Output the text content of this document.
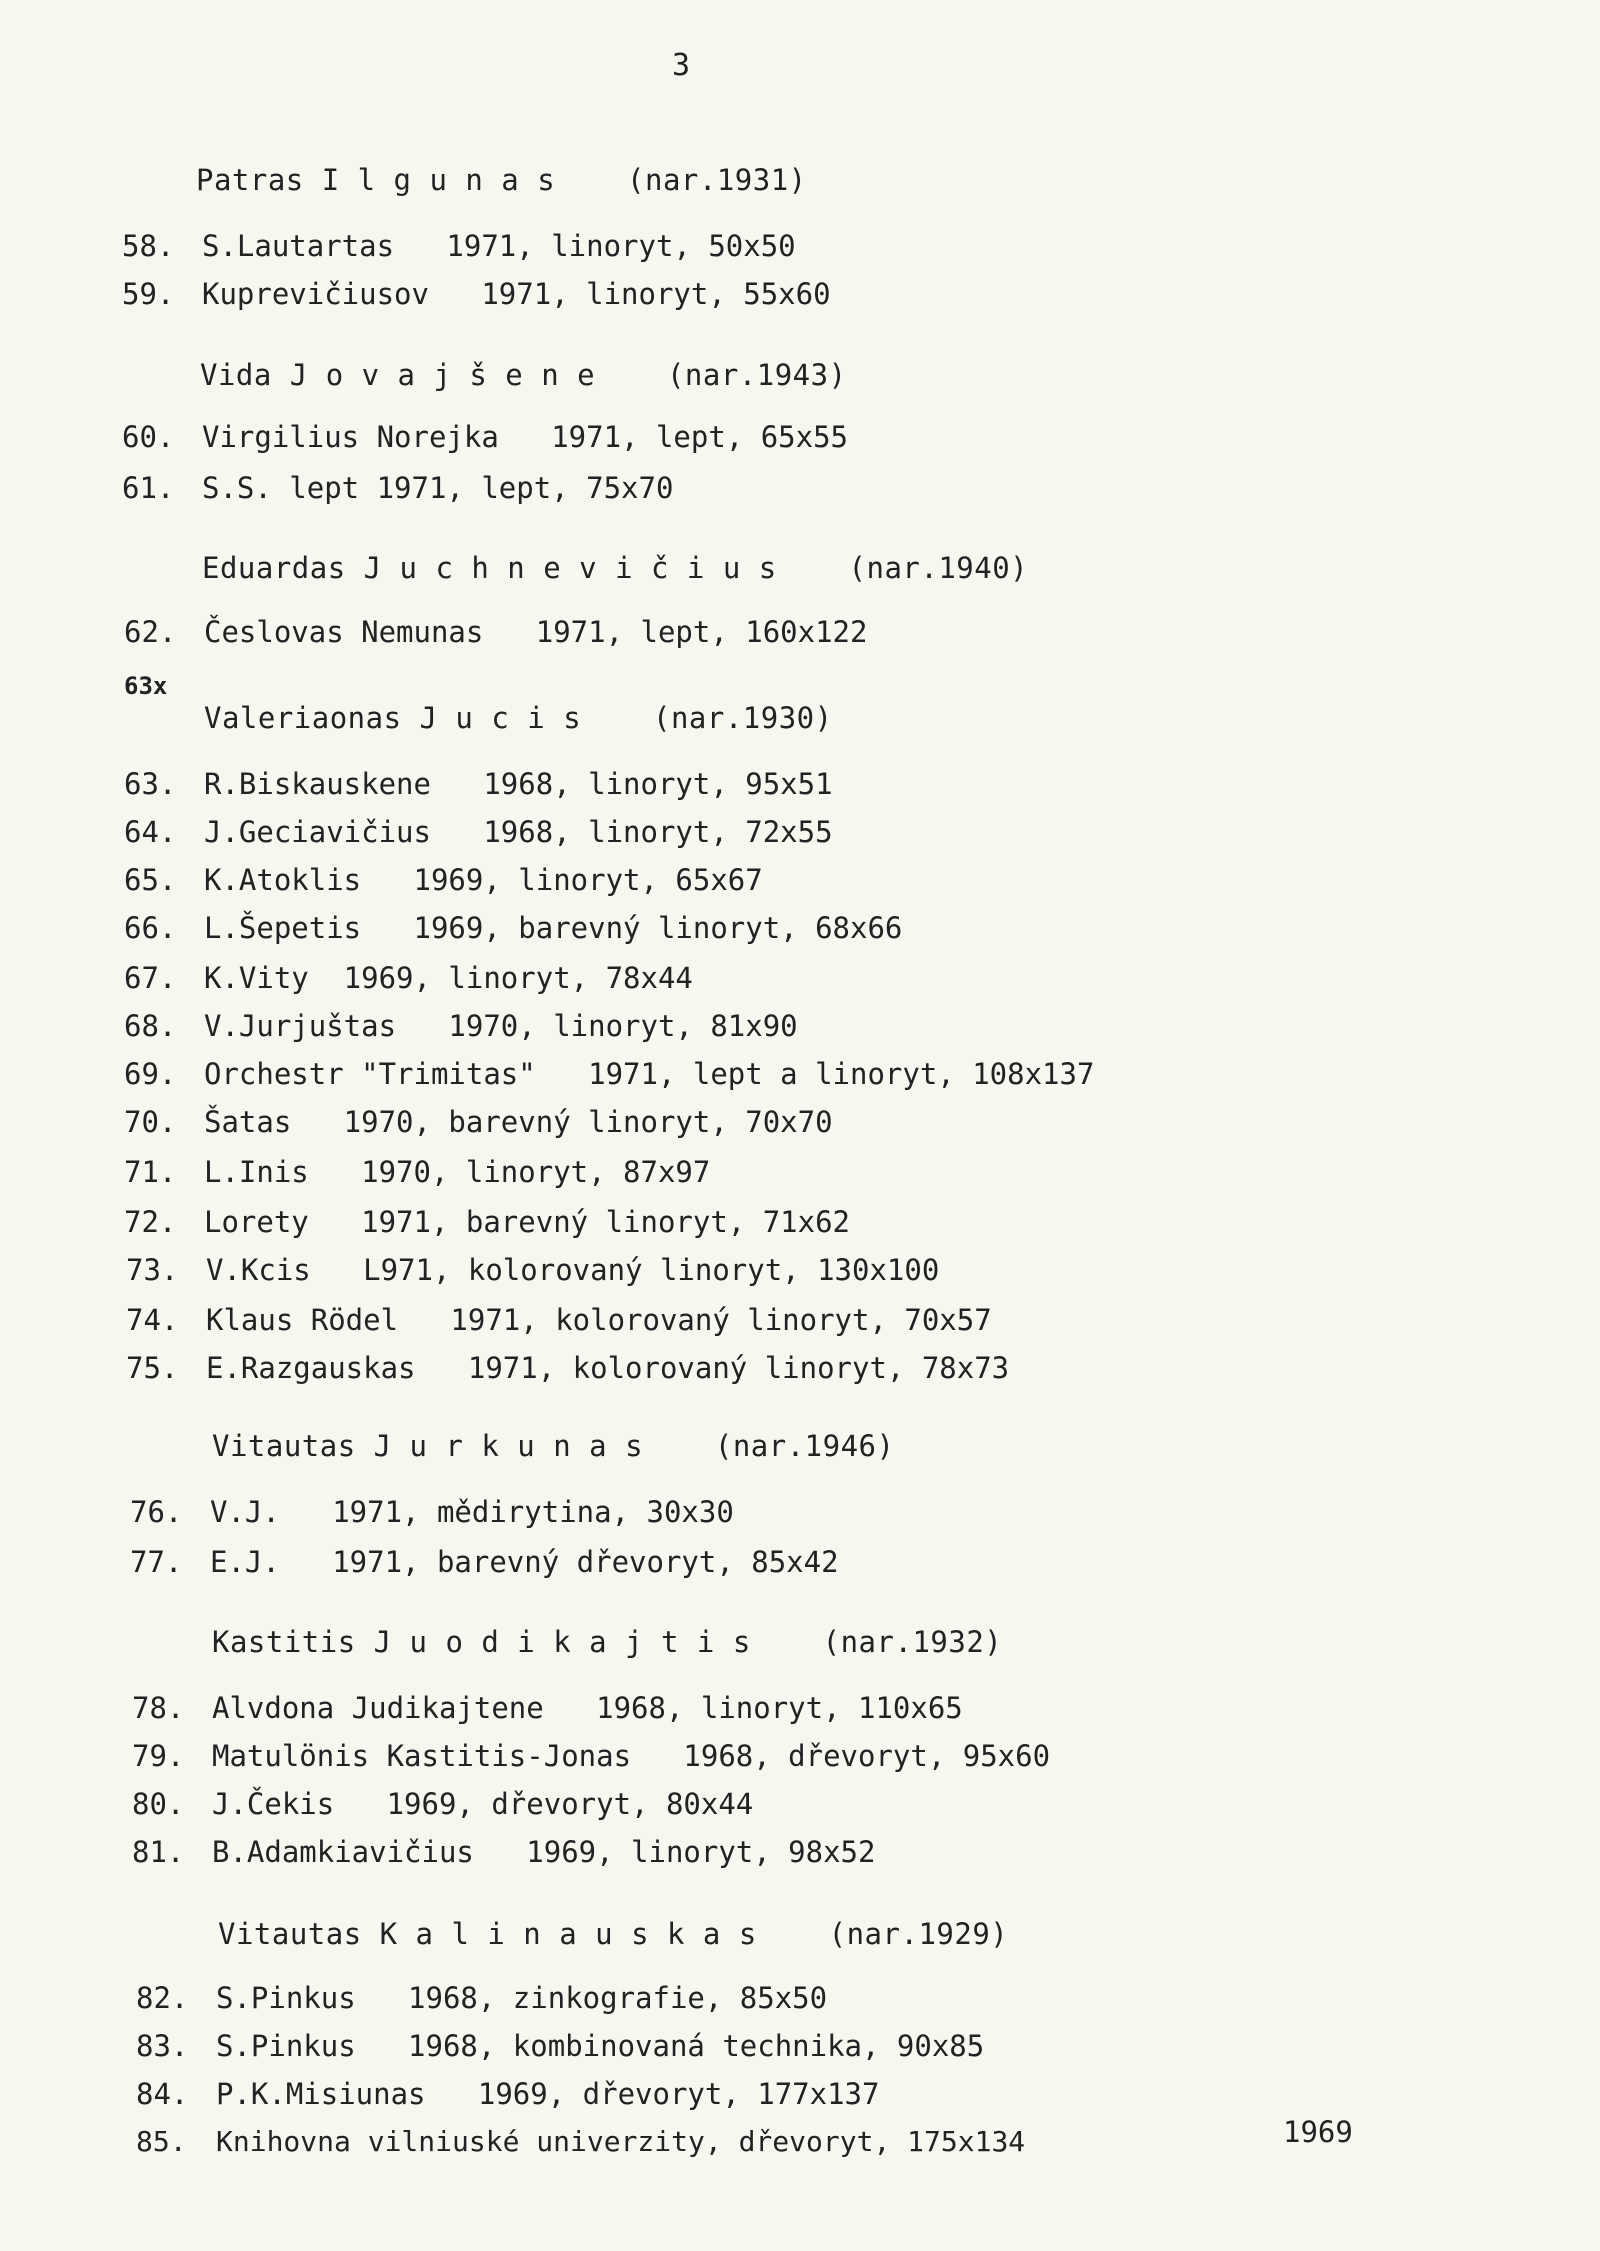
3
Patras I l g u n a s (nar.1931)
58. S.Lautartas   1971, linoryt, 50x50
59. Kuprevičiusov   1971, linoryt, 55x60
Vida J o v a j š e n e (nar.1943)
60. Virgilius Norejka   1971, lept, 65x55
61. S.S. lept 1971, lept, 75x70
Eduardas J u c h n e v i č i u s (nar.1940)
62. Česlovas Nemunas   1971, lept, 160x122
63x
Valeriaonas J u c i s (nar.1930)
63. R.Biskauskene   1968, linoryt, 95x51
64. J.Geciavičius   1968, linoryt, 72x55
65. K.Atoklis   1969, linoryt, 65x67
66. L.Šepetis   1969, barevný linoryt, 68x66
67. K.Vity  1969, linoryt, 78x44
68. V.Jurjuštas   1970, linoryt, 81x90
69. Orchestr "Trimitas"   1971, lept a linoryt, 108x137
70. Šatas   1970, barevný linoryt, 70x70
71. L.Inis   1970, linoryt, 87x97
72. Lorety   1971, barevný linoryt, 71x62
73. V.Kcis   L971, kolorovaný linoryt, 130x100
74. Klaus Rödel   1971, kolorovaný linoryt, 70x57
75. E.Razgauskas   1971, kolorovaný linoryt, 78x73
Vitautas J u r k u n a s (nar.1946)
76. V.J.   1971, mědirytina, 30x30
77. E.J.   1971, barevný dřevoryt, 85x42
Kastitis J u o d i k a j t i s (nar.1932)
78. Alvdona Judikajtene   1968, linoryt, 110x65
79. Matulönis Kastitis-Jonas   1968, dřevoryt, 95x60
80. J.Čekis   1969, dřevoryt, 80x44
81. B.Adamkiavičius   1969, linoryt, 98x52
Vitautas K a l i n a u s k a s (nar.1929)
82. S.Pinkus   1968, zinkografie, 85x50
83. S.Pinkus   1968, kombinovaná technika, 90x85
84. P.K.Misiunas   1969, dřevoryt, 177x137
85. Knihovna vilniuské univerzity, dřevoryt, 175x134	1969
